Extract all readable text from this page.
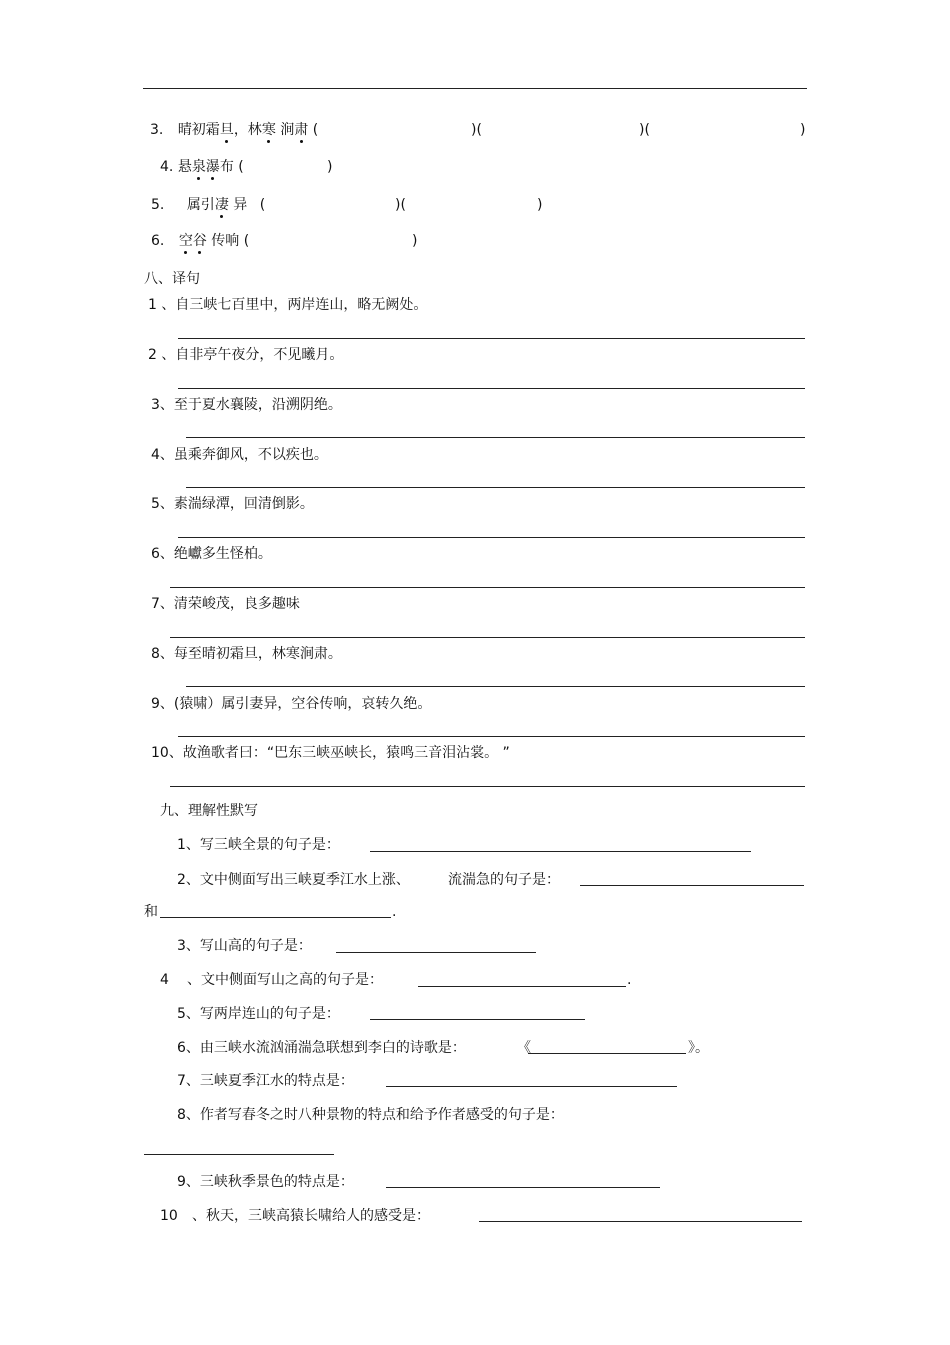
3. 晴初霜旦，林寒 涧肃 (	)(	)(	)
4. 悬泉瀑布 (	)
5. 属引凄 异 (	)(	)
6. 空谷 传响 (	)
八、译句
1 、自三峡七百里中，两岸连山，略无阙处。
2 、自非亭午夜分，不见曦月。
3、至于夏水襄陵，沿溯阴绝。
4、虽乘奔御风，不以疾也。
5、素湍绿潭，回清倒影。
6、绝巘多生怪柏。
7、清荣峻茂，良多趣味
8、每至晴初霜旦，林寒涧肃。
9、(猿啸）属引妻异，空谷传响，哀转久绝。
10、故渔歌者曰：“巴东三峡巫峡长，猿鸣三音泪沾裳。 ”
九、理解性默写
1、写三峡全景的句子是：
2、文中侧面写出三峡夏季江水上涨、	流湍急的句子是：
和	.
3、写山高的句子是：
4 、文中侧面写山之高的句子是：	.
5、写两岸连山的句子是：
6、由三峡水流汹涌湍急联想到李白的诗歌是：	《	》。
7、三峡夏季江水的特点是：
8、作者写春冬之时八种景物的特点和给予作者感受的句子是：
9、三峡秋季景色的特点是：
10 、秋天，三峡高猿长啸给人的感受是：
